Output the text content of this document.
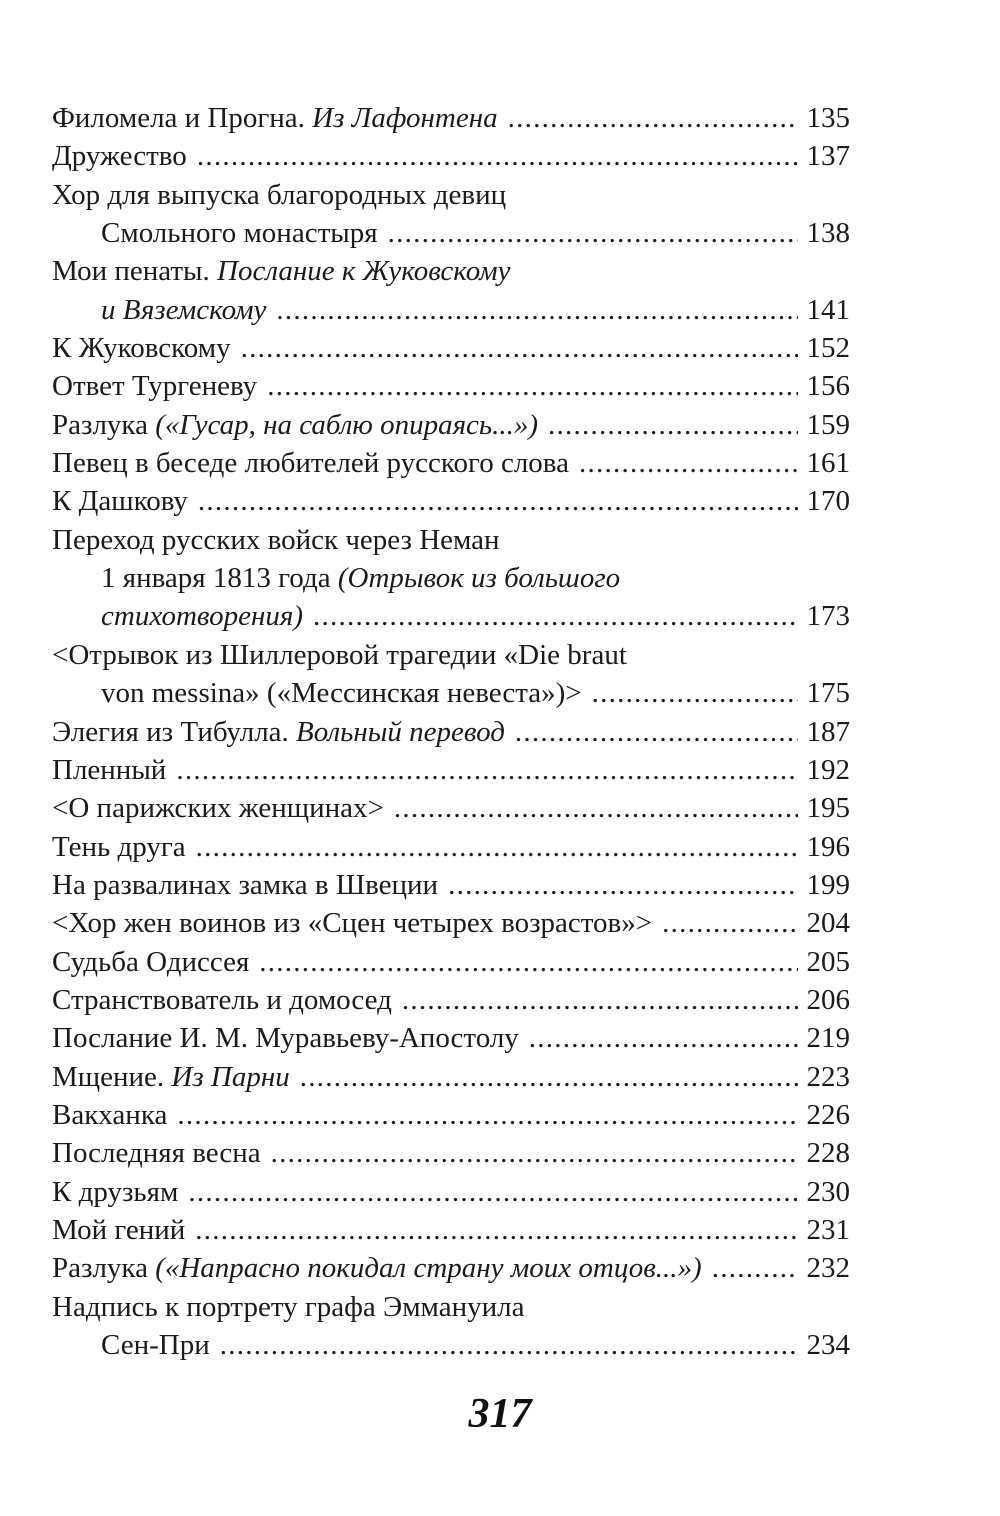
Филомела и Прогна. Из Лафонтена . . .	135
Дружество . . .	137
Хор для выпуска благородных девиц
Смольного монастыря . . .	138
Мои пенаты. Послание к Жуковскому
и Вяземскому . . .	141
К Жуковскому . . .	152
Ответ Тургеневу . . .	156
Разлука («Гусар, на саблю опираясь...») . . .	159
Певец в беседе любителей русского слова . . .	161
К Дашкову . . .	170
Переход русских войск через Неман
1 января 1813 года (Отрывок из большого
стихотворения) . . .	173
<Отрывок из Шиллеровой трагедии «Die braut
von messina» («Мессинская невеста»)> . . .	175
Элегия из Тибулла. Вольный перевод . . .	187
Пленный . . .	192
<О парижских женщинах> . . .	195
Тень друга . . .	196
На развалинах замка в Швеции . . .	199
<Хор жен воинов из «Сцен четырех возрастов»> . . .	204
Судьба Одиссея . . .	205
Странствователь и домосед . . .	206
Послание И. М. Муравьеву-Апостолу . . .	219
Мщение. Из Парни . . .	223
Вакханка . . .	226
Последняя весна . . .	228
К друзьям . . .	230
Мой гений . . .	231
Разлука («Напрасно покидал страну моих отцов...») . . .	232
Надпись к портрету графа Эммануила
Сен-При . . .	234
317
